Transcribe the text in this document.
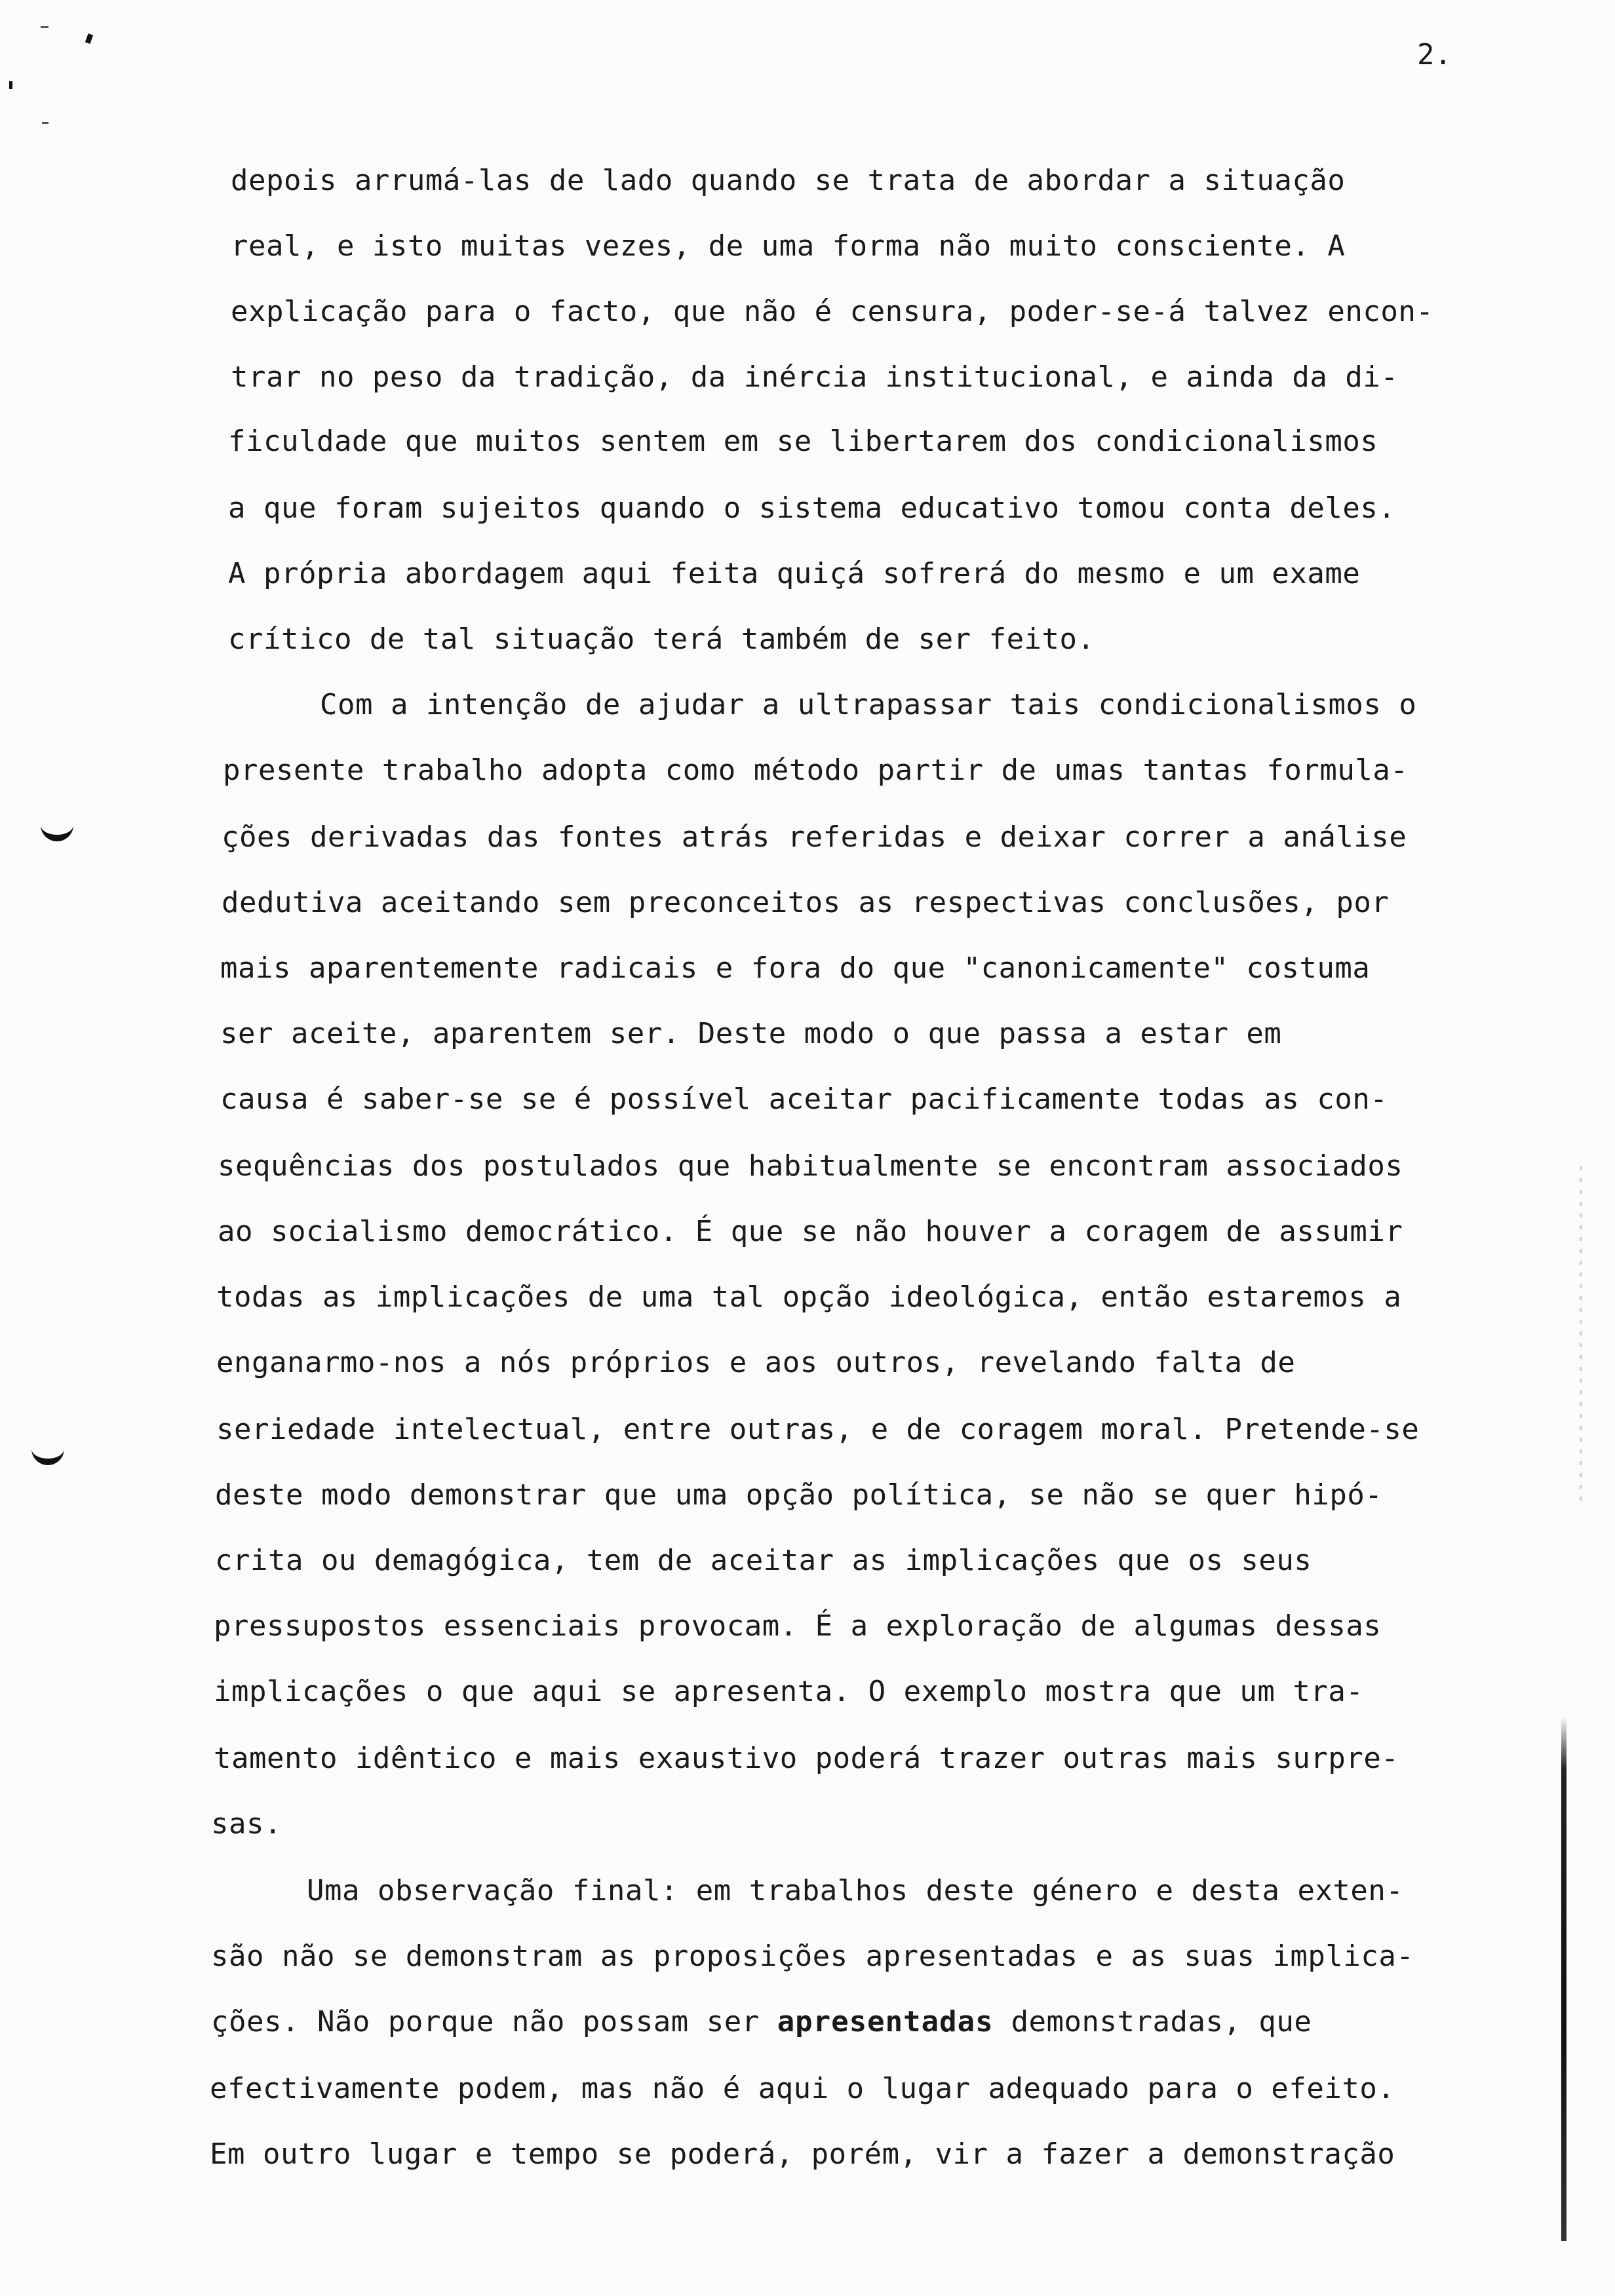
2.
depois arrumá-las de lado quando se trata de abordar a situação
real, e isto muitas vezes, de uma forma não muito consciente. A
explicação para o facto, que não é censura, poder-se-á talvez encon-
trar no peso da tradição, da inércia institucional, e ainda da di-
ficuldade que muitos sentem em se libertarem dos condicionalismos
a que foram sujeitos quando o sistema educativo tomou conta deles.
A própria abordagem aqui feita quiçá sofrerá do mesmo e um exame
crítico de tal situação terá também de ser feito.
Com a intenção de ajudar a ultrapassar tais condicionalismos o
presente trabalho adopta como método partir de umas tantas formula-
ções derivadas das fontes atrás referidas e deixar correr a análise
dedutiva aceitando sem preconceitos as respectivas conclusões, por
mais aparentemente radicais e fora do que "canonicamente" costuma
ser aceite, aparentem ser. Deste modo o que passa a estar em
causa é saber-se se é possível aceitar pacificamente todas as con-
sequências dos postulados que habitualmente se encontram associados
ao socialismo democrático. É que se não houver a coragem de assumir
todas as implicações de uma tal opção ideológica, então estaremos a
enganarmo-nos a nós próprios e aos outros, revelando falta de
seriedade intelectual, entre outras, e de coragem moral. Pretende-se
deste modo demonstrar que uma opção política, se não se quer hipó-
crita ou demagógica, tem de aceitar as implicações que os seus
pressupostos essenciais provocam. É a exploração de algumas dessas
implicações o que aqui se apresenta. O exemplo mostra que um tra-
tamento idêntico e mais exaustivo poderá trazer outras mais surpre-
sas.
Uma observação final: em trabalhos deste género e desta exten-
são não se demonstram as proposições apresentadas e as suas implica-
ções. Não porque não possam ser apresentadas demonstradas, que
efectivamente podem, mas não é aqui o lugar adequado para o efeito.
Em outro lugar e tempo se poderá, porém, vir a fazer a demonstração
